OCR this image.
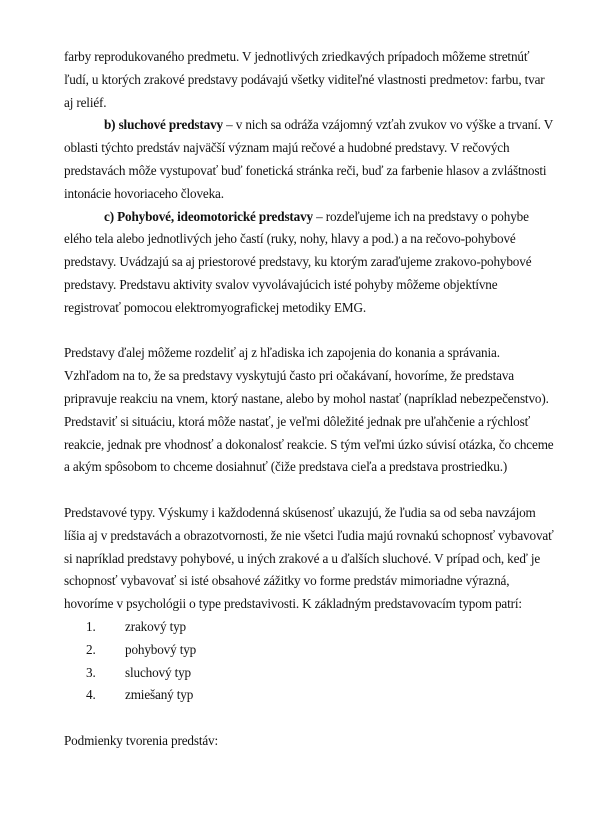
farby reprodukovaného predmetu. V jednotlivých zriedkavých prípadoch môžeme stretnúť ľudí, u ktorých zrakové predstavy podávajú všetky viditeľné vlastnosti predmetov: farbu, tvar aj reliéf.

b) sluchové predstavy – v nich sa odráža vzájomný vzťah zvukov vo výške a trvaní. V oblasti týchto predstáv najväčší význam majú rečové a hudobné predstavy. V rečových predstavách môže vystupovať buď fonetická stránka reči, buď za farbenie hlasov a zvláštnosti intonácie hovoriaceho človeka.

c) Pohybové, ideomotorické predstavy – rozdeľujeme ich na predstavy o pohybe elého tela alebo jednotlivých jeho častí (ruky, nohy, hlavy a pod.) a na rečovo-pohybové predstavy. Uvádzajú sa aj priestorové predstavy, ku ktorým zaraďujeme zrakovo-pohybové predstavy. Predstavu aktivity svalov vyvolávajúcich isté pohyby môžeme objektívne registrovať pomocou elektromyografickej metodiky EMG.

Predstavy ďalej môžeme rozdeliť aj z hľadiska ich zapojenia do konania a správania. Vzhľadom na to, že sa predstavy vyskytujú často pri očakávaní, hovoríme, že predstava pripravuje reakciu na vnem, ktorý nastane, alebo by mohol nastať (napríklad nebezpečenstvo). Predstaviť si situáciu, ktorá môže nastať, je veľmi dôležité jednak pre uľahčenie a rýchlosť reakcie, jednak pre vhodnosť a dokonalosť reakcie. S tým veľmi úzko súvisí otázka, čo chceme a akým spôsobom to chceme dosiahnuť (čiže predstava cieľa a predstava prostriedku.)

Predstavové typy. Výskumy i každodenná skúsenosť ukazujú, že ľudia sa od seba navzájom líšia aj v predstavách a obrazotvornosti, že nie všetci ľudia majú rovnakú schopnosť vybavovať si napríklad predstavy pohybové, u iných zrakové a u ďalších sluchové. V prípad och, keď je schopnosť vybavovať si isté obsahové zážitky vo forme predstáv mimoriadne výrazná, hovoríme v psychológii o type predstavivosti. K základným predstavovacím typom patrí:

1. zrakový typ
2. pohybový typ
3. sluchový typ
4. zmiešaný typ

Podmienky tvorenia predstáv:
